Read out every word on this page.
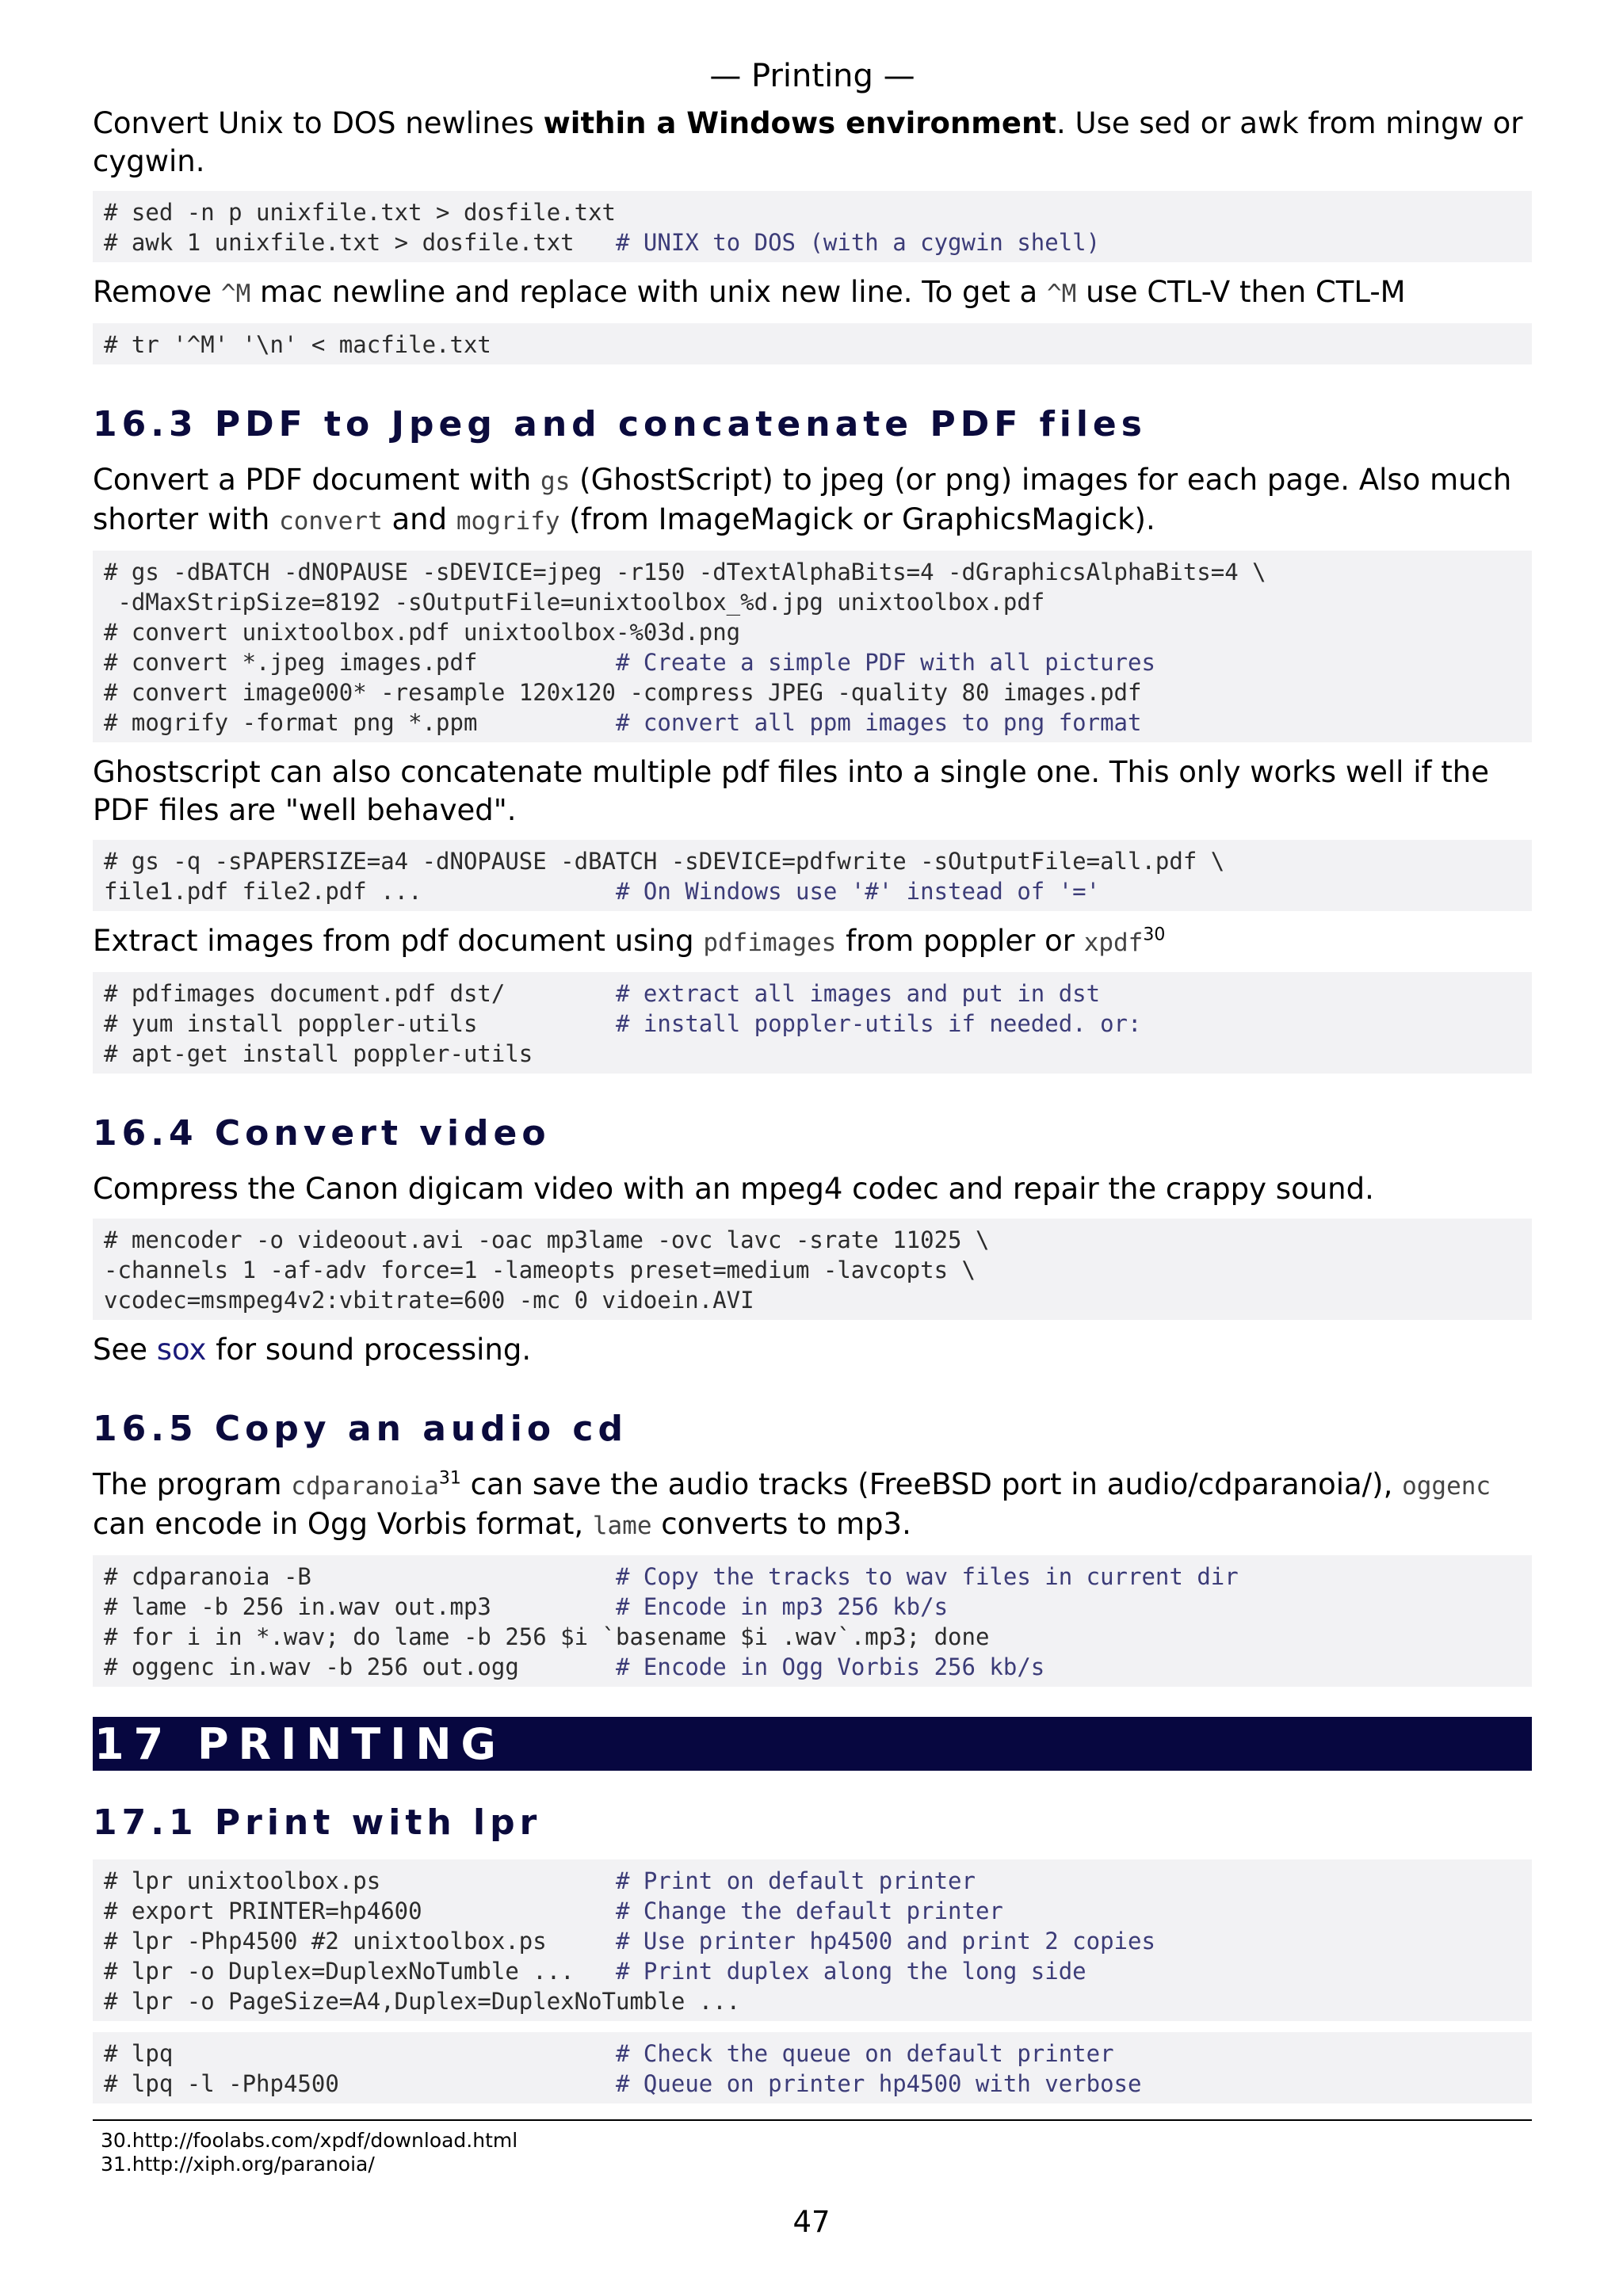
— Printing —

Convert Unix to DOS newlines within a Windows environment. Use sed or awk from mingw or cygwin.

# sed -n p unixfile.txt > dosfile.txt
# awk 1 unixfile.txt > dosfile.txt   # UNIX to DOS (with a cygwin shell)

Remove ^M mac newline and replace with unix new line. To get a ^M use CTL-V then CTL-M

# tr '^M' '\n' < macfile.txt
16.3 PDF to Jpeg and concatenate PDF files

Convert a PDF document with gs (GhostScript) to jpeg (or png) images for each page. Also much shorter with convert and mogrify (from ImageMagick or GraphicsMagick).

# gs -dBATCH -dNOPAUSE -sDEVICE=jpeg -r150 -dTextAlphaBits=4 -dGraphicsAlphaBits=4 \
-dMaxStripSize=8192 -sOutputFile=unixtoolbox_%d.jpg unixtoolbox.pdf
# convert unixtoolbox.pdf unixtoolbox-%03d.png
# convert *.jpeg images.pdf          # Create a simple PDF with all pictures
# convert image000* -resample 120x120 -compress JPEG -quality 80 images.pdf
# mogrify -format png *.ppm          # convert all ppm images to png format

Ghostscript can also concatenate multiple pdf files into a single one. This only works well if the PDF files are "well behaved".

# gs -q -sPAPERSIZE=a4 -dNOPAUSE -dBATCH -sDEVICE=pdfwrite -sOutputFile=all.pdf \
file1.pdf file2.pdf ...              # On Windows use '#' instead of '='

Extract images from pdf document using pdfimages from poppler or xpdf$^{30}$

# pdfimages document.pdf dst/        # extract all images and put in dst
# yum install poppler-utils          # install poppler-utils if needed. or:
# apt-get install poppler-utils
16.4 Convert video

Compress the Canon digicam video with an mpeg4 codec and repair the crappy sound.

# mencoder -o videoout.avi -oac mp3lame -ovc lavc -srate 11025 \
-channels 1 -af-adv force=1 -lameopts preset=medium -lavcopts \
vcodec=msmpeg4v2:vbitrate=600 -mc 0 vidoein.AVI

See sox for sound processing.

16.5 Copy an audio cd

The program cdparanoia$^{31}$ can save the audio tracks (FreeBSD port in audio/cdparanoia/), oggenc can encode in Ogg Vorbis format, lame converts to mp3.

# cdparanoia -B                      # Copy the tracks to wav files in current dir
# lame -b 256 in.wav out.mp3         # Encode in mp3 256 kb/s
# for i in *.wav; do lame -b 256 $i `basename $i .wav`.mp3; done
# oggenc in.wav -b 256 out.ogg       # Encode in Ogg Vorbis 256 kb/s
17 PRINTING
17.1 Print with lpr
# lpr unixtoolbox.ps                 # Print on default printer
# export PRINTER=hp4600              # Change the default printer
# lpr -Php4500 #2 unixtoolbox.ps     # Use printer hp4500 and print 2 copies
# lpr -o Duplex=DuplexNoTumble ...   # Print duplex along the long side
# lpr -o PageSize=A4,Duplex=DuplexNoTumble ...
# lpq                                # Check the queue on default printer
# lpq -l -Php4500                    # Queue on printer hp4500 with verbose
30.http://foolabs.com/xpdf/download.html
31.http://xiph.org/paranoia/
47
